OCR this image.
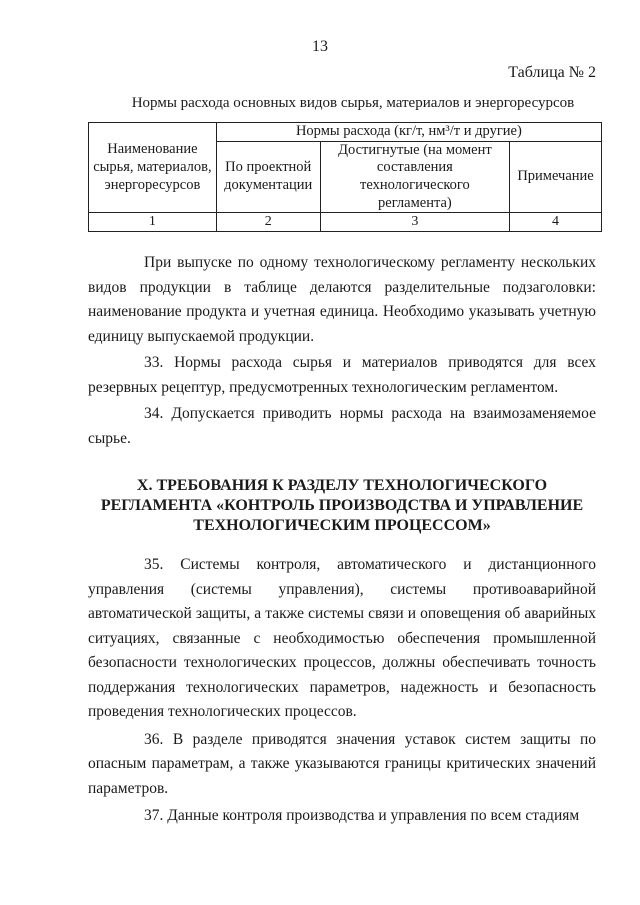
13
Таблица № 2
Нормы расхода основных видов сырья, материалов и энергоресурсов
Наименование сырья, материалов, энергоресурсов	Нормы расхода (кг/т, нм³/т и другие)		
	По проектной документации	Достигнутые (на момент составления технологического регламента)	Примечание
1	2	3	4

При выпуске по одному технологическому регламенту нескольких видов продукции в таблице делаются разделительные подзаголовки: наименование продукта и учетная единица. Необходимо указывать учетную единицу выпускаемой продукции.

33. Нормы расхода сырья и материалов приводятся для всех резервных рецептур, предусмотренных технологическим регламентом.

34. Допускается приводить нормы расхода на взаимозаменяемое сырье.

X. ТРЕБОВАНИЯ К РАЗДЕЛУ ТЕХНОЛОГИЧЕСКОГО РЕГЛАМЕНТА «КОНТРОЛЬ ПРОИЗВОДСТВА И УПРАВЛЕНИЕ ТЕХНОЛОГИЧЕСКИМ ПРОЦЕССОМ»

35. Системы контроля, автоматического и дистанционного управления (системы управления), системы противоаварийной автоматической защиты, а также системы связи и оповещения об аварийных ситуациях, связанные с необходимостью обеспечения промышленной безопасности технологических процессов, должны обеспечивать точность поддержания технологических параметров, надежность и безопасность проведения технологических процессов.

36. В разделе приводятся значения уставок систем защиты по опасным параметрам, а также указываются границы критических значений параметров.

37. Данные контроля производства и управления по всем стадиям
